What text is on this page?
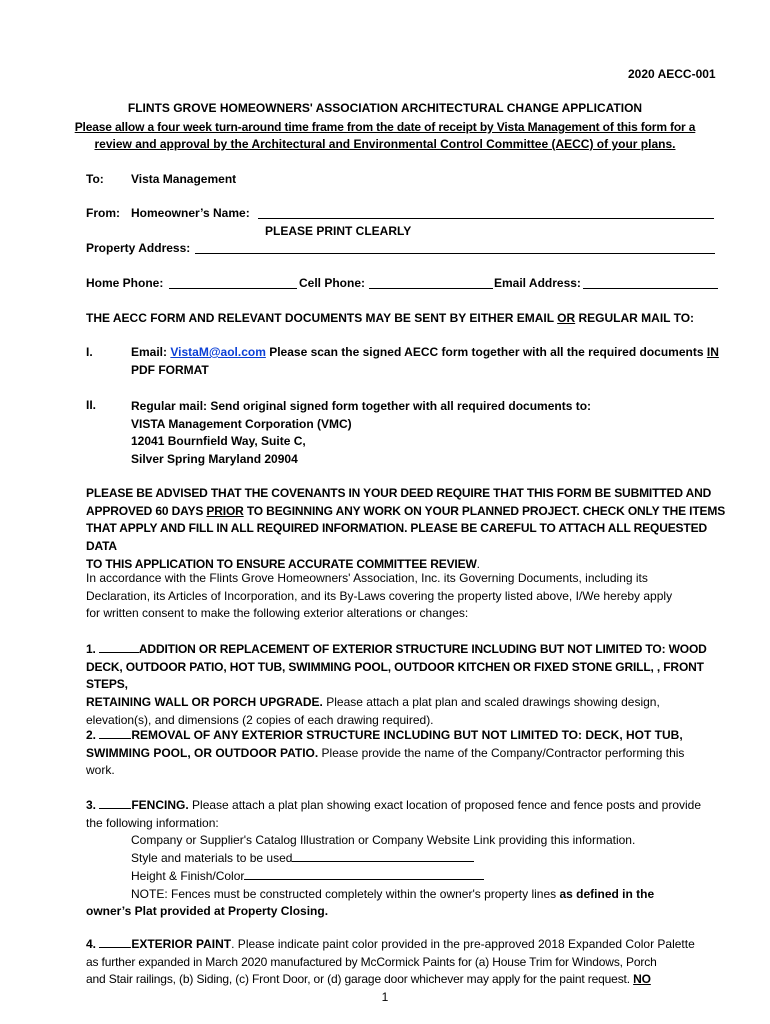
2020 AECC-001
FLINTS GROVE HOMEOWNERS' ASSOCIATION ARCHITECTURAL CHANGE APPLICATION
Please allow a four week turn-around time frame from the date of receipt by Vista Management of this form for a
review and approval by the Architectural and Environmental Control Committee (AECC) of your plans.
To: Vista Management
From: Homeowner’s Name:
PLEASE PRINT CLEARLY
Property Address:
Home Phone:	Cell Phone:	Email Address:
THE AECC FORM AND RELEVANT DOCUMENTS MAY BE SENT BY EITHER EMAIL OR REGULAR MAIL TO:
I.	Email: VistaM@aol.com Please scan the signed AECC form together with all the required documents IN
PDF FORMAT
II.	Regular mail: Send original signed form together with all required documents to:
VISTA Management Corporation (VMC)
12041 Bournfield Way, Suite C,
Silver Spring Maryland 20904
PLEASE BE ADVISED THAT THE COVENANTS IN YOUR DEED REQUIRE THAT THIS FORM BE SUBMITTED AND
APPROVED 60 DAYS PRIOR TO BEGINNING ANY WORK ON YOUR PLANNED PROJECT. CHECK ONLY THE ITEMS
THAT APPLY AND FILL IN ALL REQUIRED INFORMATION. PLEASE BE CAREFUL TO ATTACH ALL REQUESTED DATA
TO THIS APPLICATION TO ENSURE ACCURATE COMMITTEE REVIEW.
In accordance with the Flints Grove Homeowners' Association, Inc. its Governing Documents, including its
Declaration, its Articles of Incorporation, and its By-Laws covering the property listed above, I/We hereby apply
for written consent to make the following exterior alterations or changes:
1.	ADDITION OR REPLACEMENT OF EXTERIOR STRUCTURE INCLUDING BUT NOT LIMITED TO: WOOD
DECK, OUTDOOR PATIO, HOT TUB, SWIMMING POOL, OUTDOOR KITCHEN OR FIXED STONE GRILL, , FRONT STEPS,
RETAINING WALL OR PORCH UPGRADE. Please attach a plat plan and scaled drawings showing design,
elevation(s), and dimensions (2 copies of each drawing required).
2.	REMOVAL OF ANY EXTERIOR STRUCTURE INCLUDING BUT NOT LIMITED TO: DECK, HOT TUB,
SWIMMING POOL, OR OUTDOOR PATIO. Please provide the name of the Company/Contractor performing this
work.
3.	FENCING. Please attach a plat plan showing exact location of proposed fence and fence posts and provide
the following information:
Company or Supplier's Catalog Illustration or Company Website Link providing this information.
Style and materials to be used
Height & Finish/Color
NOTE: Fences must be constructed completely within the owner's property lines as defined in the
owner’s Plat provided at Property Closing.
4.	EXTERIOR PAINT. Please indicate paint color provided in the pre-approved 2018 Expanded Color Palette
as further expanded in March 2020 manufactured by McCormick Paints for (a) House Trim for Windows, Porch
and Stair railings, (b) Siding, (c) Front Door, or (d) garage door whichever may apply for the paint request. NO
1
